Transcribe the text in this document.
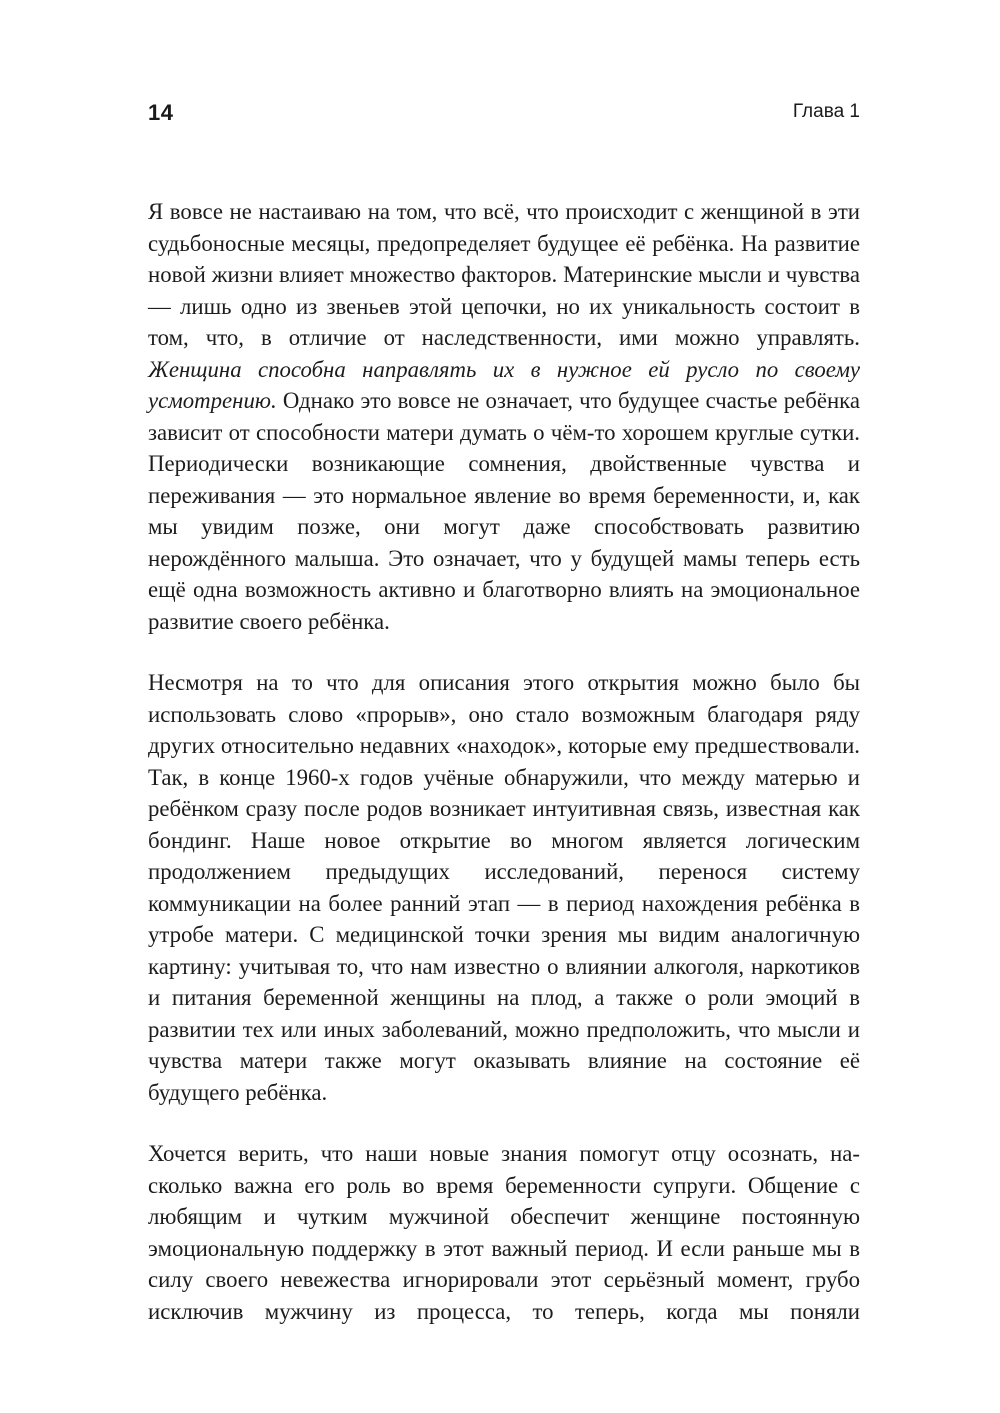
14	Глава 1

Я вовсе не настаиваю на том, что всё, что происходит с женщиной в эти судьбоносные месяцы, предопределяет будущее её ребёнка. На развитие новой жизни влияет множество факторов. Материнские мысли и чувства — лишь одно из звеньев этой цепочки, но их уникальность состоит в том, что, в отличие от наследственности, ими можно управлять. Женщина способна направлять их в нужное ей русло по своему усмотрению. Однако это вовсе не означает, что будущее счастье ребёнка зависит от способности матери думать о чём-то хорошем круглые сутки. Периодически возникающие сомнения, двойственные чувства и переживания — это нормальное явление во время беременности, и, как мы увидим позже, они могут даже способствовать развитию нерождённого малыша. Это означает, что у будущей мамы теперь есть ещё одна возможность активно и благотворно влиять на эмоциональное развитие своего ребёнка.

Несмотря на то что для описания этого открытия можно было бы использовать слово «прорыв», оно стало возможным благодаря ряду других относительно недавних «находок», которые ему предшествовали. Так, в конце 1960-х годов учёные обнаружили, что между матерью и ребёнком сразу после родов возникает интуитивная связь, известная как бондинг. Наше новое открытие во многом является логическим продолжением предыдущих исследований, перенося систему коммуникации на более ранний этап — в период нахождения ребёнка в утробе матери. С медицинской точки зрения мы видим аналогичную картину: учитывая то, что нам известно о влиянии алкоголя, наркотиков и питания беременной женщины на плод, а также о роли эмоций в развитии тех или иных заболеваний, можно предположить, что мысли и чувства матери также могут оказывать влияние на состояние её будущего ребёнка.

Хочется верить, что наши новые знания помогут отцу осознать, насколько важна его роль во время беременности супруги. Общение с любящим и чутким мужчиной обеспечит женщине постоянную эмоциональную поддержку в этот важный период. И если раньше мы в силу своего невежества игнорировали этот серьёзный момент, грубо исключив мужчину из процесса, то теперь, когда мы поняли
